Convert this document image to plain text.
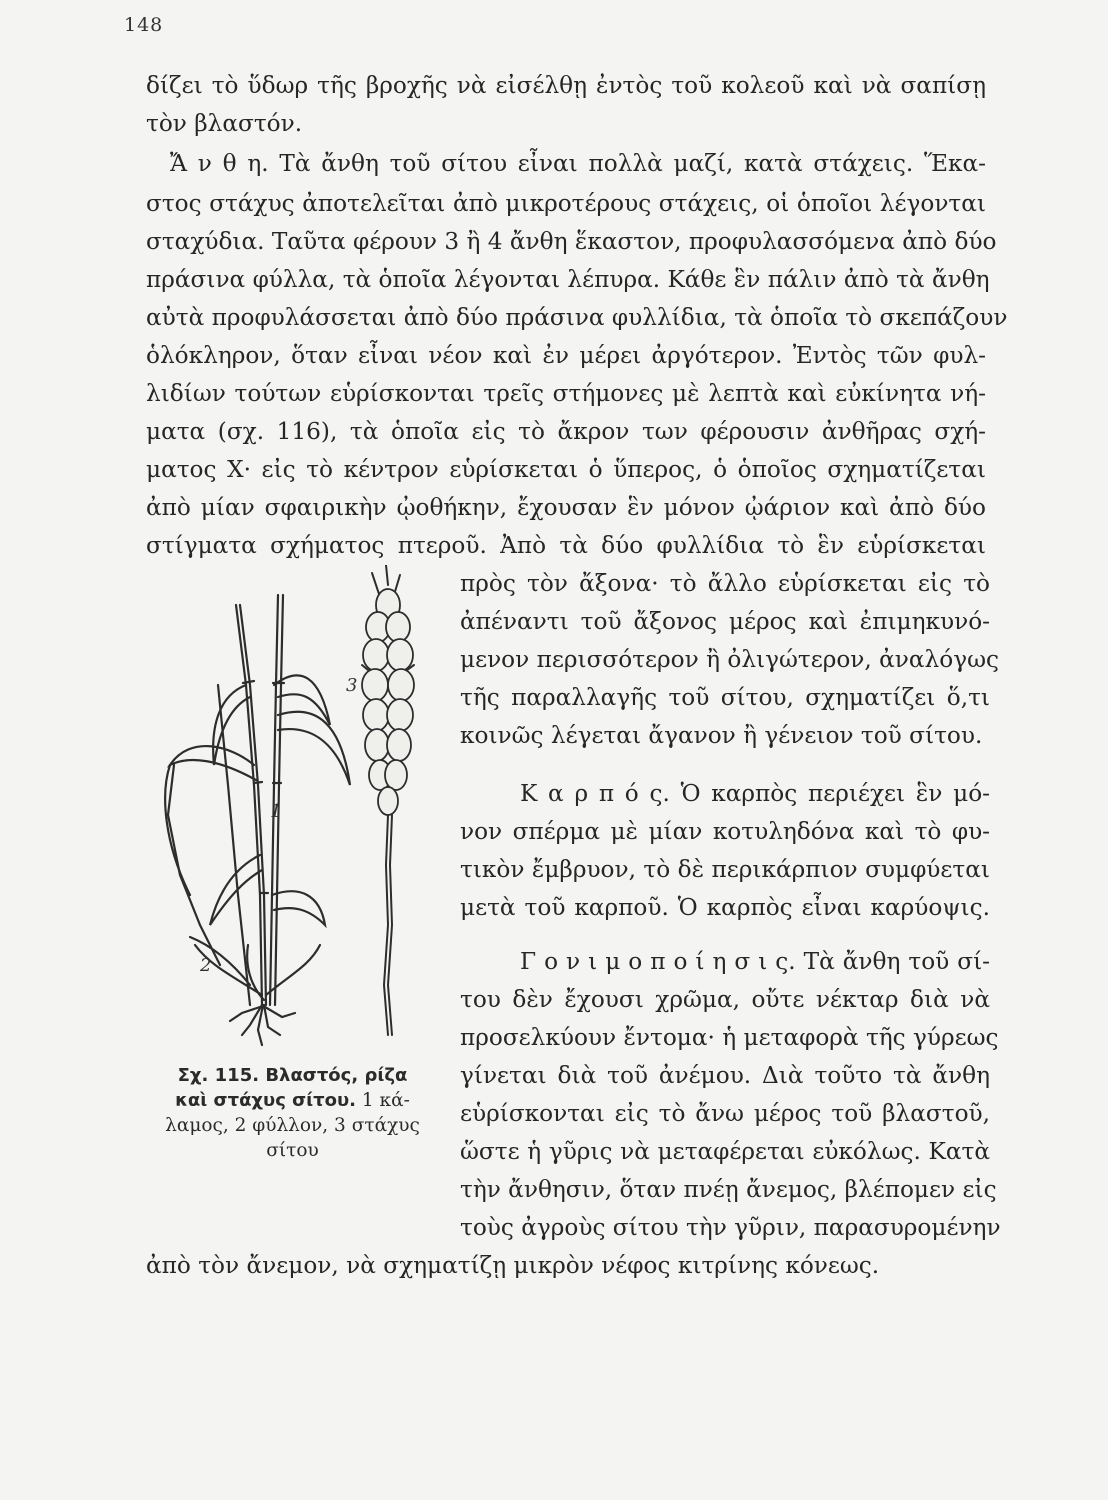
148
δίζει τὸ ὕδωρ τῆς βροχῆς νὰ εἰσέλθῃ ἐντὸς τοῦ κολεοῦ καὶ νὰ σαπίσῃ
τὸν βλαστόν.
Ἄ ν θ η. Τὰ ἄνθη τοῦ σίτου εἶναι πολλὰ μαζί, κατὰ στάχεις. Ἕκα-
στος στάχυς ἀποτελεῖται ἀπὸ μικροτέρους στάχεις, οἱ ὁποῖοι λέγονται
σταχύδια. Ταῦτα φέρουν 3 ἢ 4 ἄνθη ἕκαστον, προφυλασσόμενα ἀπὸ δύο
πράσινα φύλλα, τὰ ὁποῖα λέγονται λέπυρα. Κάθε ἓν πάλιν ἀπὸ τὰ ἄνθη
αὐτὰ προφυλάσσεται ἀπὸ δύο πράσινα φυλλίδια, τὰ ὁποῖα τὸ σκεπάζουν
ὁλόκληρον, ὅταν εἶναι νέον καὶ ἐν μέρει ἀργότερον. Ἐντὸς τῶν φυλ-
λιδίων τούτων εὑρίσκονται τρεῖς στήμονες μὲ λεπτὰ καὶ εὐκίνητα νή-
ματα (σχ. 116), τὰ ὁποῖα εἰς τὸ ἄκρον των φέρουσιν ἀνθῆρας σχή-
ματος Χ· εἰς τὸ κέντρον εὑρίσκεται ὁ ὕπερος, ὁ ὁποῖος σχηματίζεται
ἀπὸ μίαν σφαιρικὴν ᾠοθήκην, ἔχουσαν ἓν μόνον ᾠάριον καὶ ἀπὸ δύο
στίγματα σχήματος πτεροῦ. Ἀπὸ τὰ δύο φυλλίδια τὸ ἓν εὑρίσκεται
πρὸς τὸν ἄξονα· τὸ ἄλλο εὑρίσκεται εἰς τὸ
ἀπέναντι τοῦ ἄξονος μέρος καὶ ἐπιμηκυνό-
μενον περισσότερον ἢ ὀλιγώτερον, ἀναλόγως
τῆς παραλλαγῆς τοῦ σίτου, σχηματίζει ὅ,τι
κοινῶς λέγεται ἄγανον ἢ γένειον τοῦ σίτου.
Κ α ρ π ό ς. Ὁ καρπὸς περιέχει ἓν μό-
νον σπέρμα μὲ μίαν κοτυληδόνα καὶ τὸ φυ-
τικὸν ἔμβρυον, τὸ δὲ περικάρπιον συμφύεται
μετὰ τοῦ καρποῦ. Ὁ καρπὸς εἶναι καρύοψις.
Γ ο ν ι μ ο π ο ί η σ ι ς. Τὰ ἄνθη τοῦ σί-
του δὲν ἔχουσι χρῶμα, οὔτε νέκταρ διὰ νὰ
προσελκύουν ἔντομα· ἡ μεταφορὰ τῆς γύρεως
γίνεται διὰ τοῦ ἀνέμου. Διὰ τοῦτο τὰ ἄνθη
εὑρίσκονται εἰς τὸ ἄνω μέρος τοῦ βλαστοῦ,
ὥστε ἡ γῦρις νὰ μεταφέρεται εὐκόλως. Κατὰ
τὴν ἄνθησιν, ὅταν πνέῃ ἄνεμος, βλέπομεν εἰς
τοὺς ἀγροὺς σίτου τὴν γῦριν, παρασυρομένην
ἀπὸ τὸν ἄνεμον, νὰ σχηματίζῃ μικρὸν νέφος κιτρίνης κόνεως.
1
2
3
Σχ. 115. Βλαστός, ρίζα
καὶ στάχυς σίτου. 1 κά-
λαμος, 2 φύλλον, 3 στάχυς
σίτου
